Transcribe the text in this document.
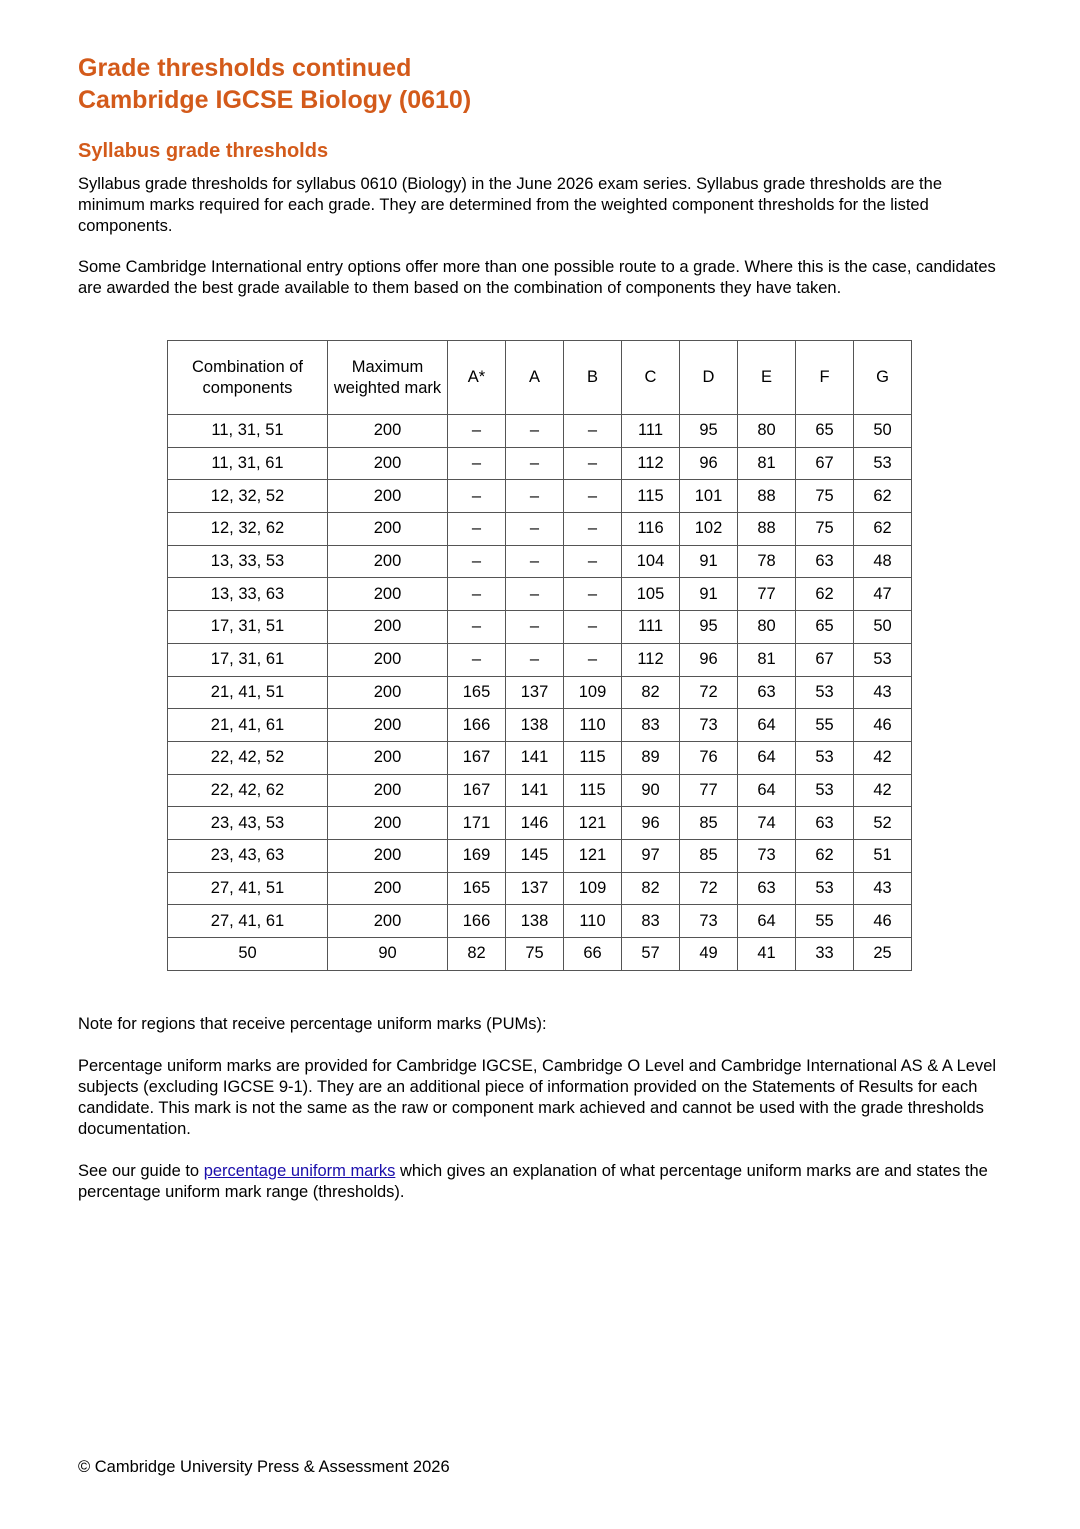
Grade thresholds continued
Cambridge IGCSE Biology (0610)
Syllabus grade thresholds

Syllabus grade thresholds for syllabus 0610 (Biology) in the June 2026 exam series. Syllabus grade thresholds are the minimum marks required for each grade. They are determined from the weighted component thresholds for the listed components.

Some Cambridge International entry options offer more than one possible route to a grade. Where this is the case, candidates are awarded the best grade available to them based on the combination of components they have taken.

Combination of components	Maximum weighted mark	A*	A	B	C	D	E	F	G
11, 31, 51	200	–	–	–	111	95	80	65	50
11, 31, 61	200	–	–	–	112	96	81	67	53
12, 32, 52	200	–	–	–	115	101	88	75	62
12, 32, 62	200	–	–	–	116	102	88	75	62
13, 33, 53	200	–	–	–	104	91	78	63	48
13, 33, 63	200	–	–	–	105	91	77	62	47
17, 31, 51	200	–	–	–	111	95	80	65	50
17, 31, 61	200	–	–	–	112	96	81	67	53
21, 41, 51	200	165	137	109	82	72	63	53	43
21, 41, 61	200	166	138	110	83	73	64	55	46
22, 42, 52	200	167	141	115	89	76	64	53	42
22, 42, 62	200	167	141	115	90	77	64	53	42
23, 43, 53	200	171	146	121	96	85	74	63	52
23, 43, 63	200	169	145	121	97	85	73	62	51
27, 41, 51	200	165	137	109	82	72	63	53	43
27, 41, 61	200	166	138	110	83	73	64	55	46
50	90	82	75	66	57	49	41	33	25

Note for regions that receive percentage uniform marks (PUMs):

Percentage uniform marks are provided for Cambridge IGCSE, Cambridge O Level and Cambridge International AS & A Level subjects (excluding IGCSE 9-1). They are an additional piece of information provided on the Statements of Results for each candidate. This mark is not the same as the raw or component mark achieved and cannot be used with the grade thresholds documentation.

See our guide to percentage uniform marks which gives an explanation of what percentage uniform marks are and states the percentage uniform mark range (thresholds).

© Cambridge University Press & Assessment 2026
